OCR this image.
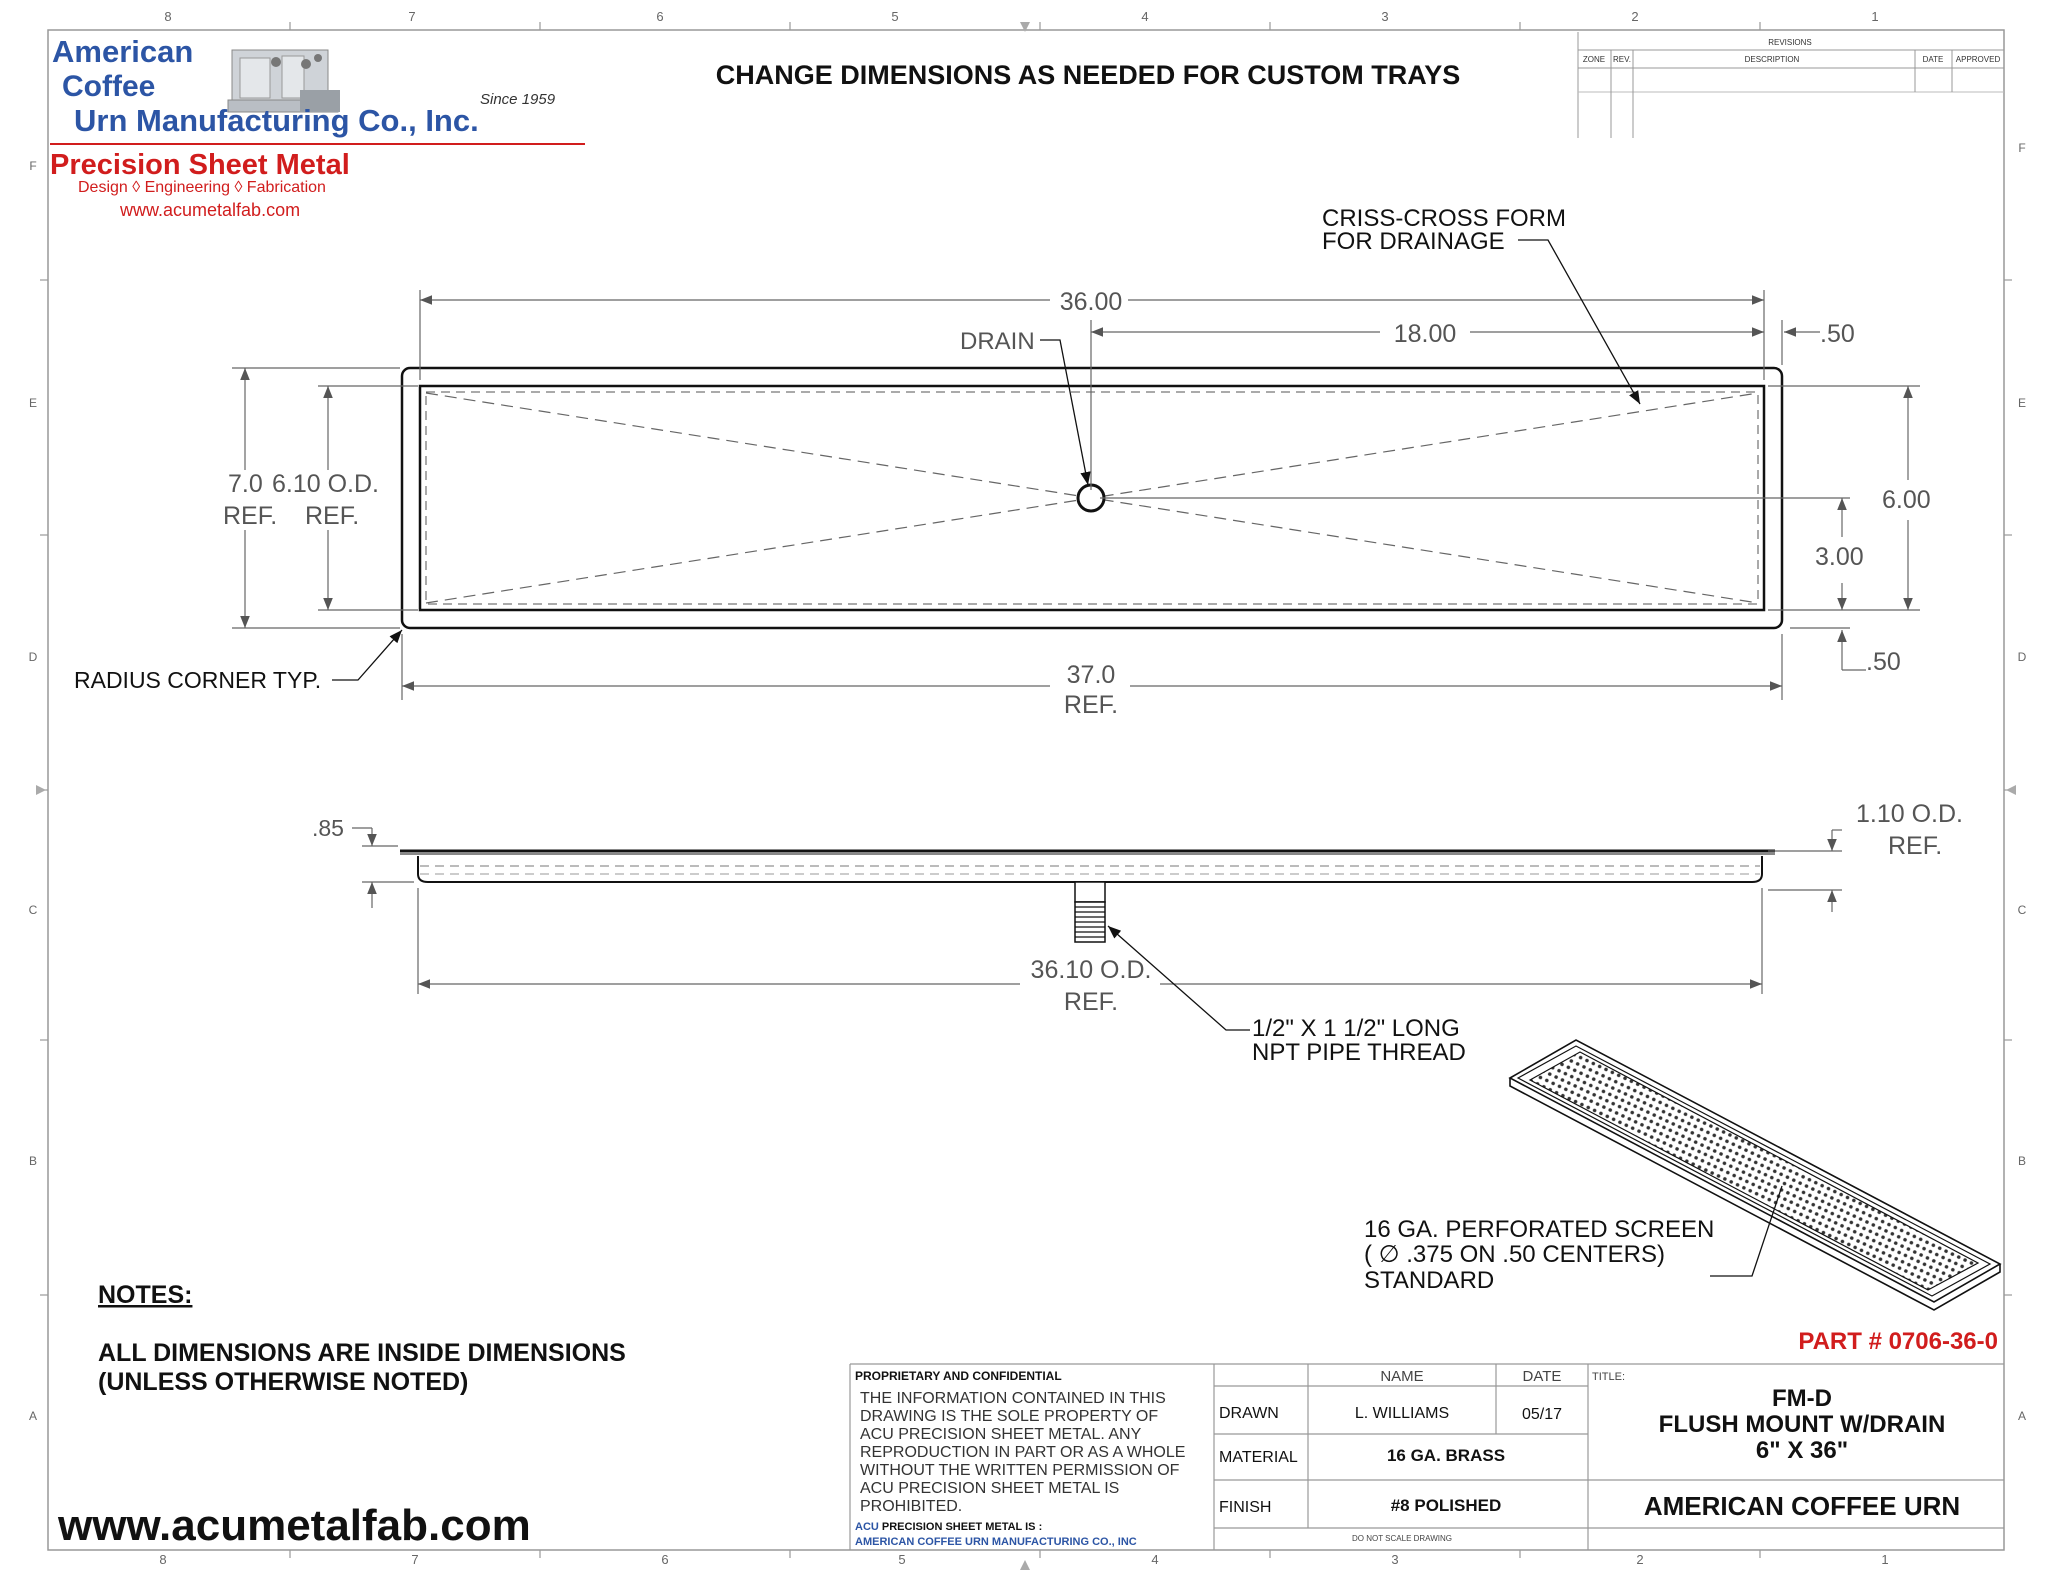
8	7	6	5	4	3	2	1
8	7	6	5	4	3	2	1
F
E
D
C
B
A
F
E
D
C
B
A
American
Coffee
Urn Manufacturing Co., Inc.
Since 1959
Precision Sheet Metal
Design ◊ Engineering ◊ Fabrication
www.acumetalfab.com
CHANGE DIMENSIONS AS NEEDED FOR CUSTOM TRAYS
REVISIONS
ZONE REV.	DESCRIPTION	DATE APPROVED
36.00
18.00	.50
DRAIN
CRISS-CROSS FORM
FOR DRAINAGE
7.0
REF.
6.10 O.D.
REF.
6.00
3.00
.50
37.0
REF.
RADIUS CORNER TYP.
.85	1.10 O.D.
REF.
36.10 O.D.
REF.
1/2" X 1 1/2" LONG
NPT PIPE THREAD
16 GA. PERFORATED SCREEN
( ∅ .375 ON .50 CENTERS)
STANDARD
PART # 0706-36-0
NOTES:
ALL DIMENSIONS ARE INSIDE DIMENSIONS
(UNLESS OTHERWISE NOTED)
www.acumetalfab.com
PROPRIETARY AND CONFIDENTIAL
THE INFORMATION CONTAINED IN THIS
DRAWING IS THE SOLE PROPERTY OF
ACU PRECISION SHEET METAL. ANY
REPRODUCTION IN PART OR AS A WHOLE
WITHOUT THE WRITTEN PERMISSION OF
ACU PRECISION SHEET METAL IS
PROHIBITED.
ACU PRECISION SHEET METAL IS :
AMERICAN COFFEE URN MANUFACTURING CO., INC
NAME	DATE
DRAWN	L. WILLIAMS	05/17
MATERIAL	16 GA. BRASS
FINISH	#8 POLISHED
DO NOT SCALE DRAWING
TITLE:
FM-D
FLUSH MOUNT W/DRAIN
6" X 36"
AMERICAN COFFEE URN
